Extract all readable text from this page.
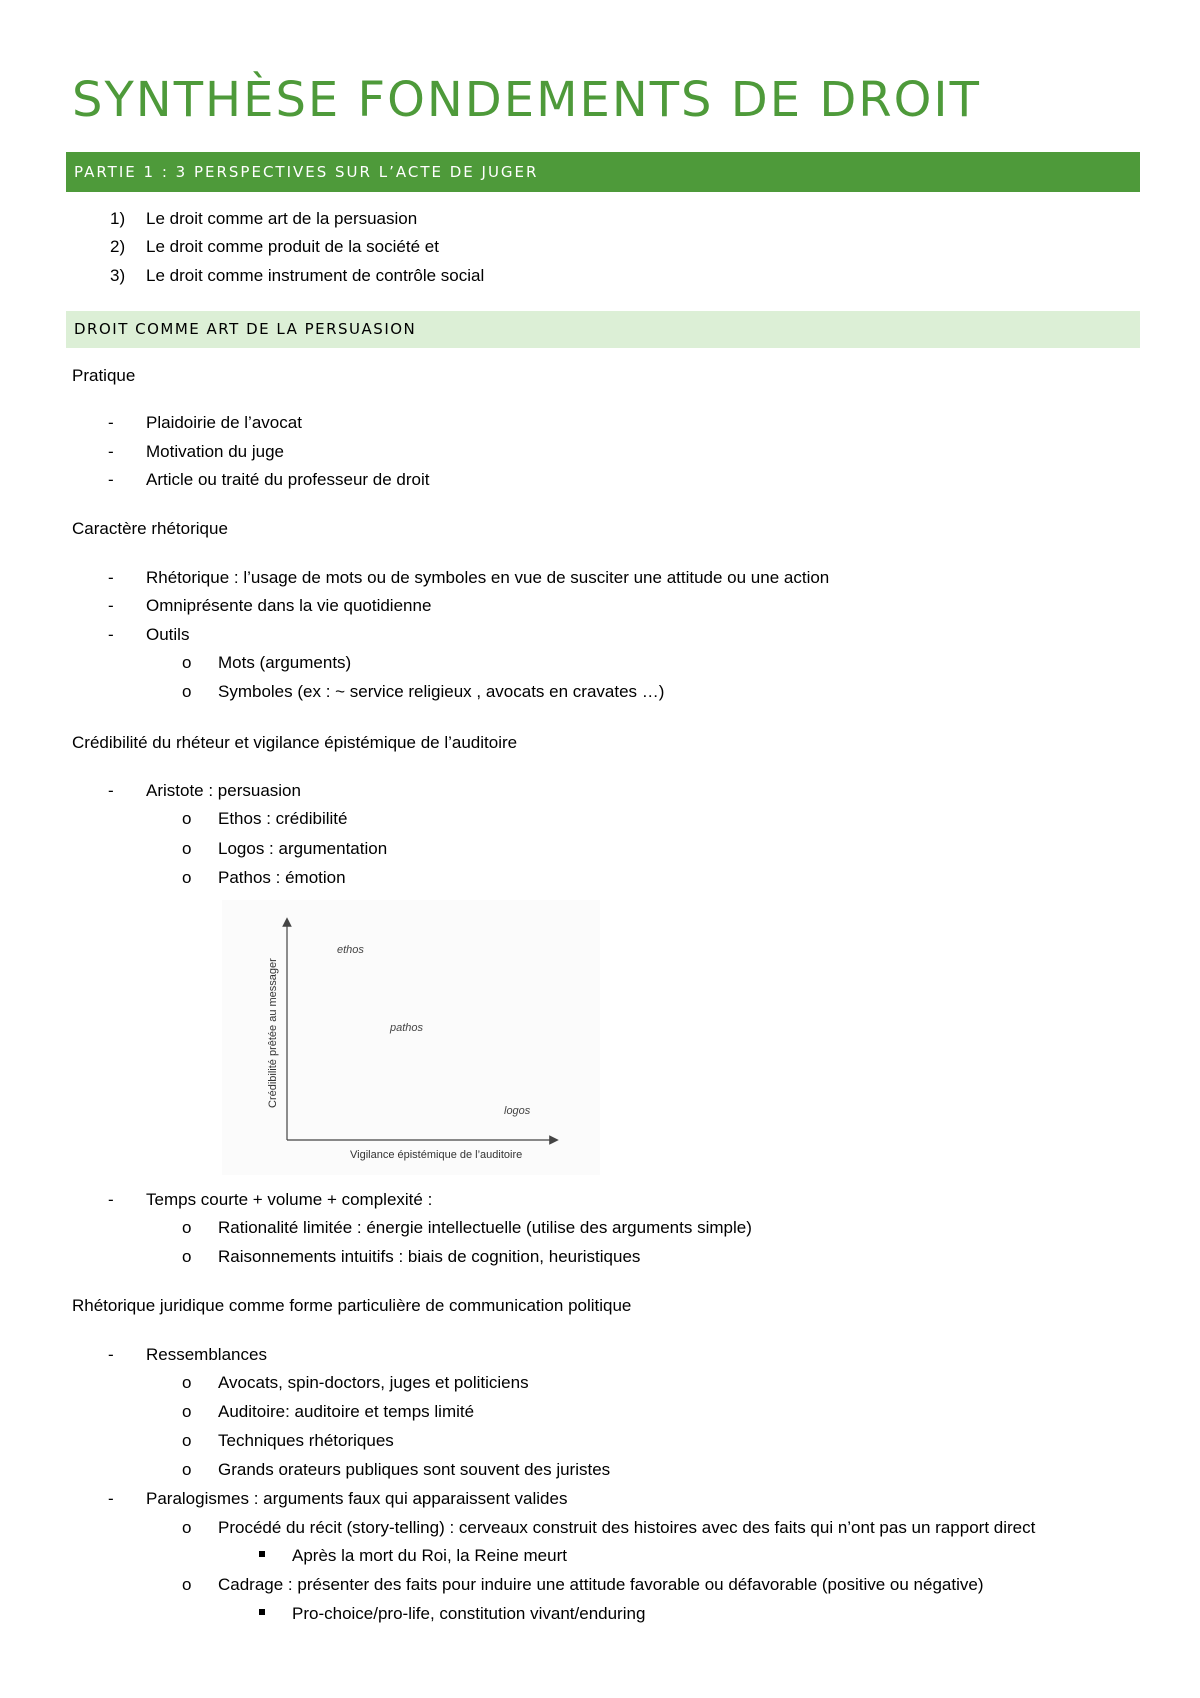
SYNTHÈSE FONDEMENTS DE DROIT
PARTIE 1 : 3 PERSPECTIVES SUR L’ACTE DE JUGER
1) Le droit comme art de la persuasion
2) Le droit comme produit de la société et
3) Le droit comme instrument de contrôle social
DROIT COMME ART DE LA PERSUASION
Pratique
- Plaidoirie de l’avocat
- Motivation du juge
- Article ou traité du professeur de droit
Caractère rhétorique
- Rhétorique : l’usage de mots ou de symboles en vue de susciter une attitude ou une action
- Omniprésente dans la vie quotidienne
- Outils
o Mots (arguments)
o Symboles (ex : ~ service religieux , avocats en cravates …)
Crédibilité du rhéteur et vigilance épistémique de l’auditoire
- Aristote : persuasion
o Ethos : crédibilité
o Logos : argumentation
o Pathos : émotion
Crédibilité prêtée au messager
Vigilance épistémique de l’auditoire
ethos
pathos
logos
- Temps courte + volume + complexité :
o Rationalité limitée : énergie intellectuelle (utilise des arguments simple)
o Raisonnements intuitifs : biais de cognition, heuristiques
Rhétorique juridique comme forme particulière de communication politique
- Ressemblances
o Avocats, spin-doctors, juges et politiciens
o Auditoire: auditoire et temps limité
o Techniques rhétoriques
o Grands orateurs publiques sont souvent des juristes
- Paralogismes : arguments faux qui apparaissent valides
o Procédé du récit (story-telling) : cerveaux construit des histoires avec des faits qui n’ont pas un rapport direct
Après la mort du Roi, la Reine meurt
o Cadrage : présenter des faits pour induire une attitude favorable ou défavorable (positive ou négative)
Pro-choice/pro-life, constitution vivant/enduring
